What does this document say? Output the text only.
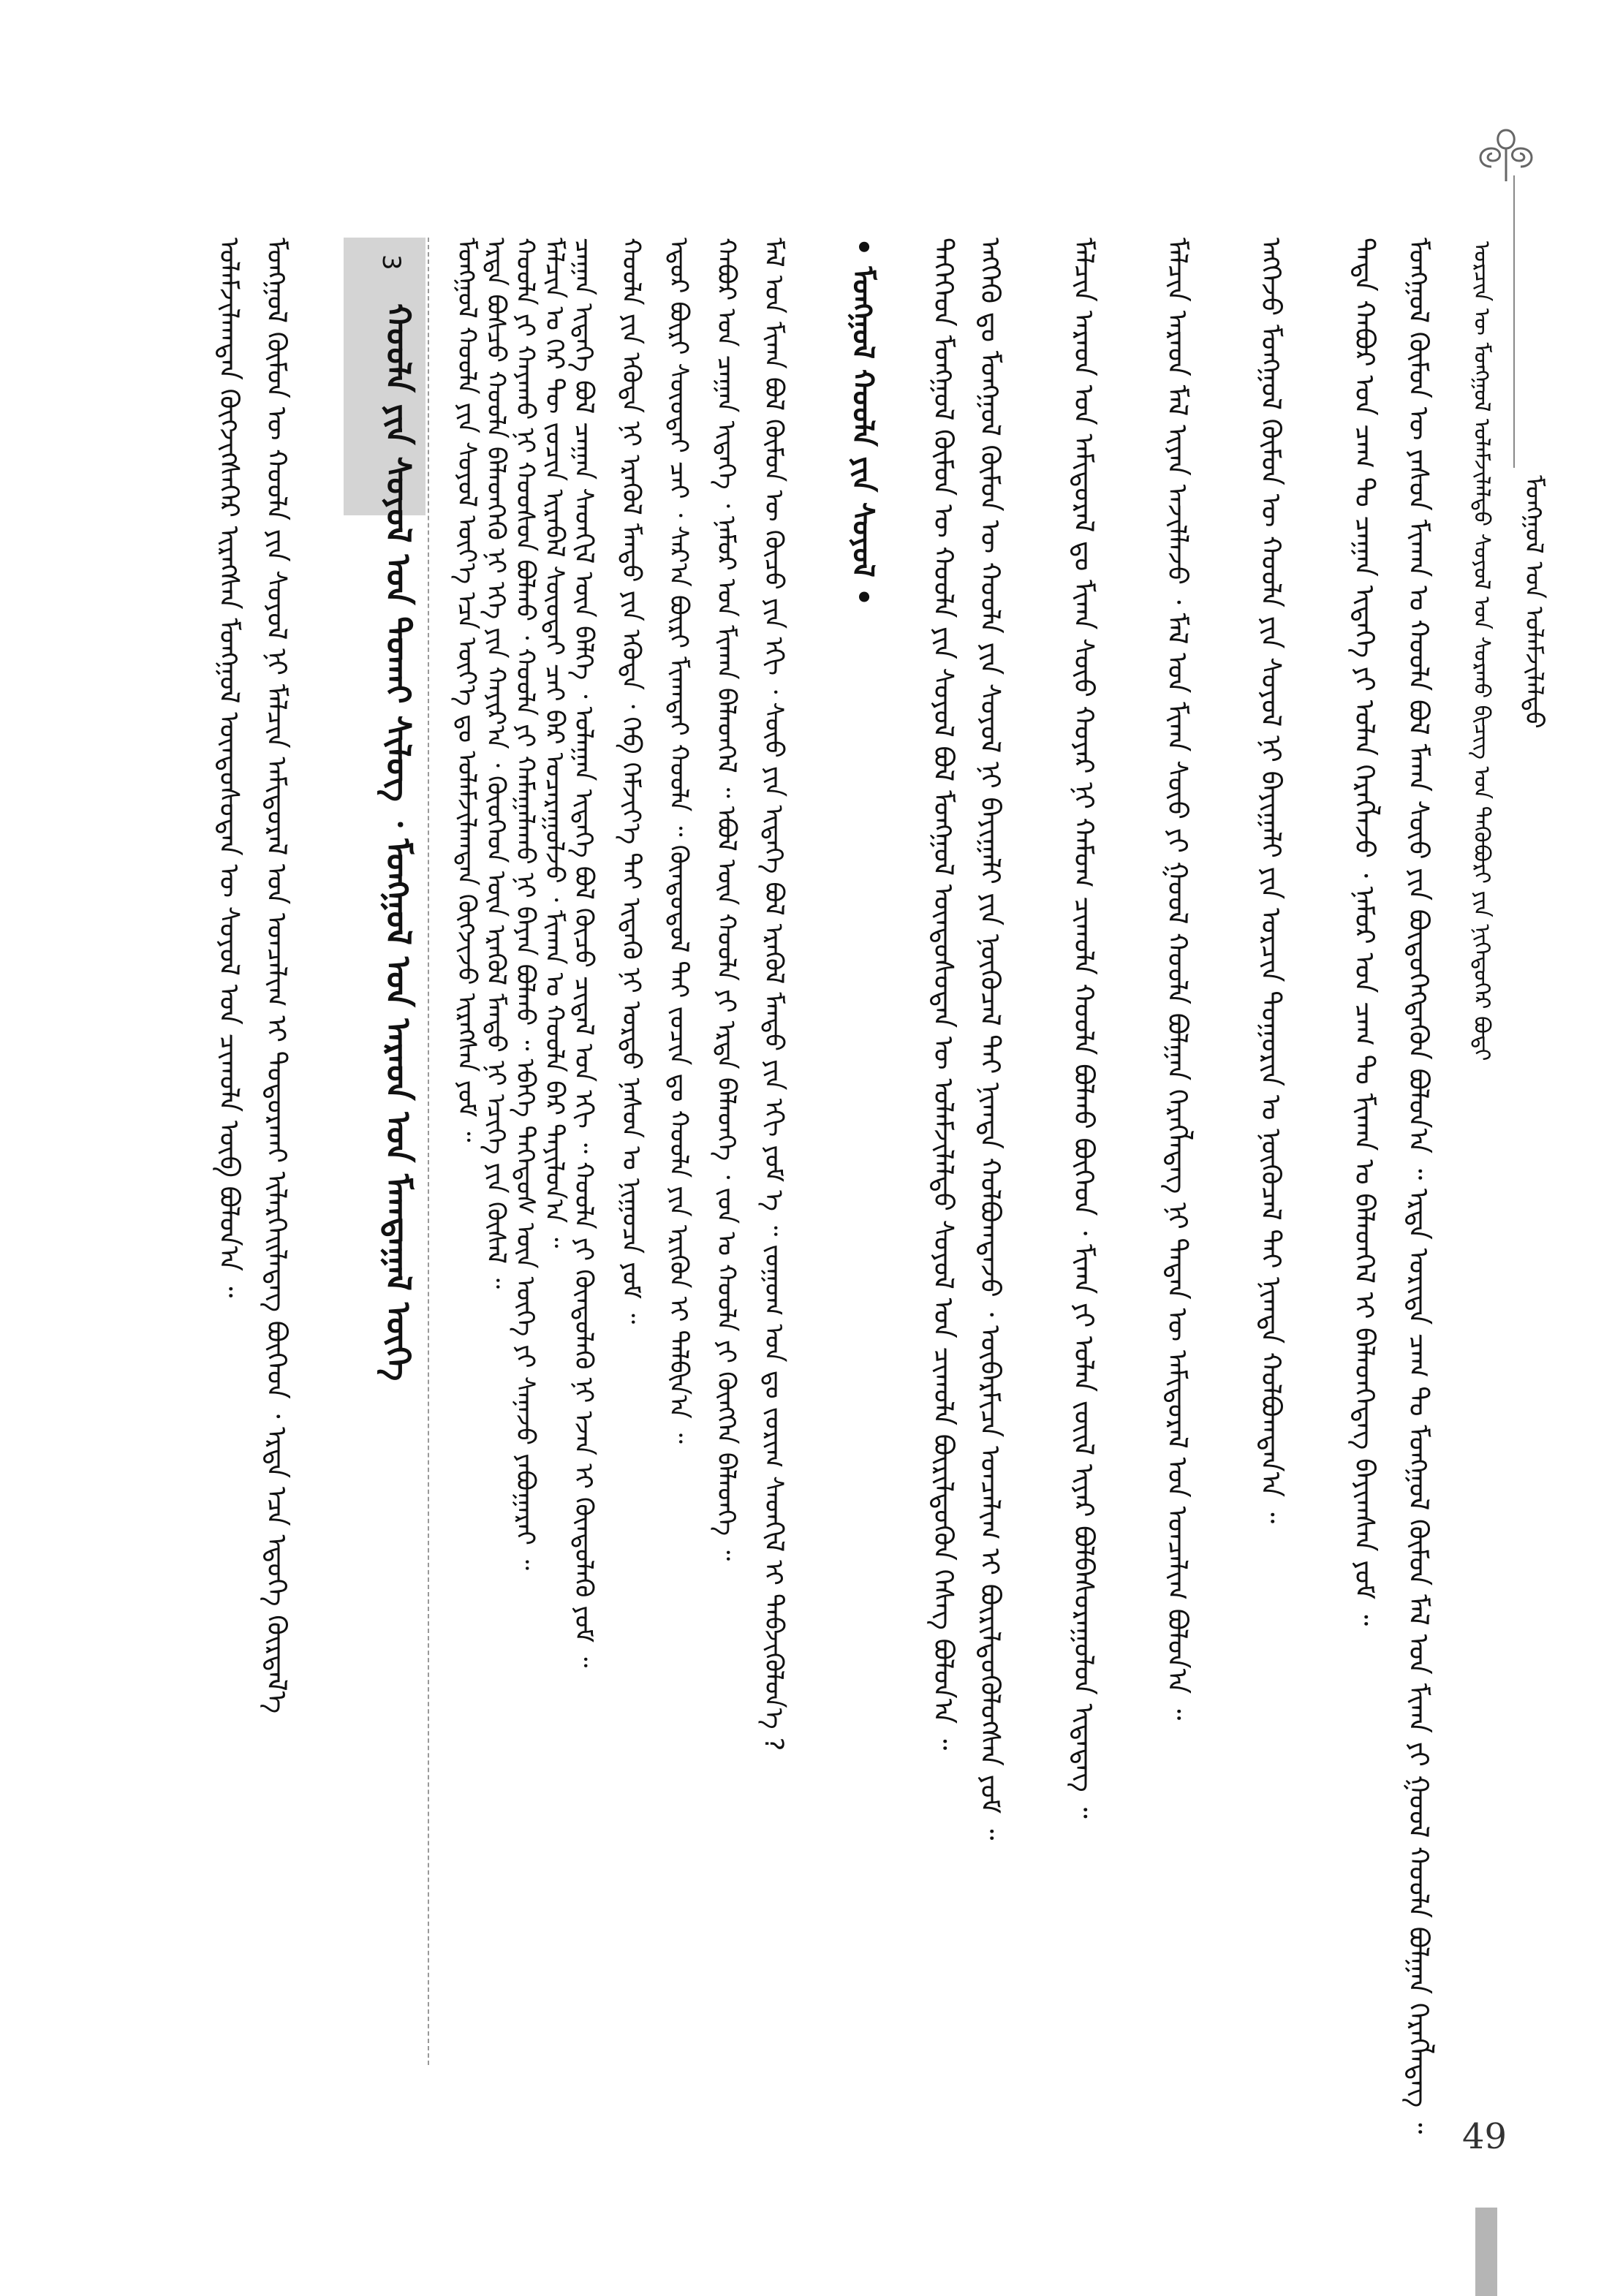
ᠮᠣᠩᠭᠣᠯ ᠤᠨ ᠤᠯᠠᠮᠵᠢᠯᠠᠯᠲᠤ
ᠣᠷᠴᠢᠨ ᠦ ᠮᠣᠩᠭᠣᠯ ᠤᠯᠠᠮᠵᠢᠯᠠᠯᠲᠤ ᠰᠣᠶᠣᠯ ᠤᠨ ᠰᠤᠷᠬᠤ ᠪᠢᠴᠢᠭ ᠤᠨ ᠲᠡᠭᠦᠪᠦᠷᠢ ᠶᠢᠨ ᠨᠢᠭᠡᠳᠦᠭᠡᠷ ᠪᠣᠲᠢ
ᠮᠣᠩᠭᠣᠯ ᠬᠦᠮᠦᠨ ᠦ ᠶᠠᠰᠤᠨ ᠮᠢᠬᠠᠨ ᠤ ᠬᠣᠣᠯᠠ ᠪᠣᠯ ᠮᠠᠬᠠ ᠰᠦᠦ ᠶᠢᠨ ᠪᠦᠲᠦᠭᠡᠭᠳᠡᠬᠦᠨ ᠪᠣᠯᠤᠨ᠎ᠠ ᠃ ᠡᠷᠲᠡ ᠤᠷᠢᠳᠠ ᠴᠠᠭ ᠲᠤ ᠮᠣᠩᠭᠣᠯ ᠬᠦᠮᠦᠨ ᠮᠠᠯ ᠤᠨ ᠮᠢᠬᠠ ᠶᠢ ᠭᠣᠣᠯ ᠬᠣᠣᠯᠠ ᠪᠣᠯᠭᠠᠨ ᠬᠡᠷᠡᠭᠯᠡᠳᠡᠭ ᠃
ᠲᠡᠳᠡ ᠬᠠᠪᠤᠷ ᠤᠨ ᠴᠠᠭ ᠲᠤ ᠴᠠᠭᠠᠨ ᠢᠳᠡᠭᠡ ᠶᠢ ᠣᠯᠠᠨ ᠬᠡᠷᠡᠭᠯᠡᠵᠦ ᠂ ᠨᠠᠮᠤᠷ ᠤᠨ ᠴᠠᠭ ᠲᠤ ᠮᠢᠬᠠᠨ ᠤ ᠪᠡᠯᠡᠳᠬᠡᠯ ᠢ ᠪᠡᠯᠡᠳᠬᠡᠳᠡᠭ ᠪᠠᠶᠢᠭᠰᠠᠨ ᠶᠤᠮ ᠃
ᠡᠩᠭᠡᠵᠦ ᠮᠣᠩᠭᠣᠯ ᠬᠦᠮᠦᠨ ᠦ ᠬᠣᠣᠯᠠ ᠶᠢᠨ ᠰᠣᠶᠣᠯ ᠨᠢ ᠪᠠᠶᠢᠭᠠᠯᠢ ᠶᠢᠨ ᠣᠷᠴᠢᠨ ᠲᠣᠭᠣᠷᠢᠨ ᠤ ᠨᠥᠬᠦᠴᠡᠯ ᠲᠡᠶ ᠨᠢᠭᠲᠠ ᠬᠣᠯᠪᠣᠭᠳᠠᠨ᠎ᠠ ᠃
ᠮᠠᠯᠴᠢᠨ ᠠᠷᠠᠳ ᠮᠠᠯ ᠢᠶᠠᠨ ᠠᠵᠢᠯᠯᠠᠵᠤ ᠂ ᠮᠠᠯ ᠤᠨ ᠮᠢᠬᠠ ᠰᠦᠦ ᠶᠢ ᠭᠣᠣᠯ ᠬᠣᠣᠯᠠ ᠪᠣᠯᠭᠠᠨ ᠬᠡᠷᠡᠭᠯᠡᠳᠡᠭ ᠨᠢ ᠲᠡᠳᠡᠨ ᠦ ᠠᠮᠢᠳᠤᠷᠠᠯ ᠤᠨ ᠣᠨᠴᠠᠯᠢᠭ ᠪᠣᠯᠤᠨ᠎ᠠ ᠃
ᠮᠠᠯᠴᠢᠨ ᠠᠷᠠᠳ ᠤᠨ ᠠᠮᠢᠳᠤᠷᠠᠯ ᠳᠤ ᠮᠢᠬᠠ ᠰᠦᠦ ᠬᠣᠶᠠᠷ ᠨᠢ ᠬᠠᠮᠤᠭ ᠴᠢᠬᠤᠯᠠ ᠬᠣᠣᠯᠠ ᠪᠣᠯᠬᠣ ᠪᠥᠭᠡᠳ ᠂ ᠮᠢᠬᠠ ᠶᠢ ᠣᠯᠠᠨ ᠵᠦᠢᠯ ᠢᠶᠡᠷ ᠪᠣᠯᠪᠠᠰᠤᠷᠠᠭᠤᠯᠤᠨ ᠢᠳᠡᠳᠡᠭ ᠃
ᠡᠩᠭᠡᠬᠦ ᠳᠤ ᠮᠣᠩᠭᠣᠯ ᠬᠦᠮᠦᠨ ᠦ ᠬᠣᠣᠯᠠ ᠶᠢᠨ ᠰᠣᠶᠣᠯ ᠨᠢ ᠪᠠᠶᠢᠭᠠᠯᠢ ᠶᠢᠨ ᠨᠥᠬᠦᠴᠡᠯ ᠲᠡᠶ ᠨᠢᠭᠲᠠ ᠬᠣᠯᠪᠣᠭᠳᠠᠵᠤ ᠂ ᠥᠪᠡᠷᠮᠢᠴᠡ ᠣᠨᠴᠠᠯᠢᠭ ᠢ ᠪᠦᠷᠢᠯᠳᠦᠭᠦᠯᠦᠭᠰᠡᠨ ᠶᠤᠮ ᠃
ᠲᠡᠭᠡᠭᠡᠳ ᠮᠣᠩᠭᠣᠯ ᠬᠦᠮᠦᠨ ᠦ ᠬᠣᠣᠯᠠ ᠶᠢᠨ ᠰᠣᠶᠣᠯ ᠪᠣᠯ ᠮᠣᠩᠭᠣᠯ ᠦᠨᠳᠦᠰᠦᠲᠡᠨ ᠦ ᠤᠯᠠᠮᠵᠢᠯᠠᠯᠲᠤ ᠰᠣᠶᠣᠯ ᠤᠨ ᠴᠢᠬᠤᠯᠠ ᠪᠦᠷᠢᠯᠳᠦᠬᠦᠨ ᠬᠡᠰᠡᠭ ᠪᠣᠯᠤᠨ᠎ᠠ ᠃
• ᠮᠣᠩᠭᠣᠯ ᠬᠣᠣᠯᠠ ᠶᠢᠨ ᠰᠣᠶᠣᠯ •
ᠮᠠᠯ ᠤᠨ ᠮᠢᠬᠠ ᠪᠣᠯ ᠬᠦᠮᠦᠨ ᠦ ᠬᠦᠴᠦ ᠶᠢᠨ ᠡᠬᠢ ᠂ ᠰᠦᠦ ᠶᠢᠨ ᠢᠳᠡᠭᠡ ᠪᠣᠯ ᠡᠷᠡᠭᠦᠯ ᠮᠡᠨᠳᠦ ᠶᠢᠨ ᠡᠬᠢ ᠶᠤᠮ ᠡ ᠃ ᠵᠣᠭᠣᠭ ᠣᠨ ᠳᠤ ᠵᠣᠷᠢᠭ ᠰᠡᠳᠬᠢᠯ ᠢ ᠳᠡᠪᠵᠢᠭᠦᠯᠦᠨ᠎ᠡ ?
ᠬᠠᠪᠤᠷ ᠤᠨ ᠴᠠᠭᠠᠨ ᠢᠳᠡᠭᠡ ᠂ ᠨᠠᠮᠤᠷ ᠤᠨ ᠮᠢᠬᠠᠨ ᠪᠡᠯᠡᠳᠬᠡᠯ ᠃ ᠡᠪᠦᠯ ᠦᠨ ᠬᠣᠣᠯᠠ ᠶᠢ ᠡᠷᠲᠡ ᠪᠡᠯᠡᠳᠬᠡ ᠂ ᠵᠤᠨ ᠤ ᠬᠣᠣᠯᠠ ᠶᠢ ᠬᠥᠩᠭᠡᠨ ᠪᠡᠯᠡᠳᠬᠡ ᠃
ᠡᠳᠦᠷ ᠪᠦᠷᠢ ᠰᠦᠦᠲᠡᠢ ᠴᠠᠢ ᠂ ᠰᠠᠷ᠎ᠠ ᠪᠦᠷᠢ ᠮᠢᠬᠠᠲᠠᠢ ᠬᠣᠣᠯᠠ ᠃ ᠬᠦᠨᠳᠦᠳᠦᠯ ᠲᠠᠢ ᠵᠣᠴᠢᠨ ᠳᠤ ᠬᠣᠣᠯᠠ ᠶᠢᠨ ᠡᠷᠢᠭᠦᠨ ᠢ ᠲᠠᠯᠪᠢᠨ᠎ᠠ ᠃
ᠬᠣᠣᠯᠠ ᠶᠢᠨ ᠡᠭᠦᠳᠡ ᠨᠢ ᠡᠷᠡᠭᠦᠯ ᠮᠡᠨᠳᠦ ᠶᠢᠨ ᠡᠭᠦᠳᠡ ᠂ ᠬᠡᠪ ᠬᠡᠮᠵᠢᠶ᠎ᠡ ᠲᠡᠶ ᠢᠳᠡᠬᠦ ᠨᠢ ᠤᠷᠲᠤ ᠨᠠᠰᠤᠨ ᠤ ᠨᠢᠭᠤᠴᠠ ᠶᠤᠮ ᠃
ᠴᠠᠭᠠᠨ ᠢᠳᠡᠭᠡ ᠪᠣᠯ ᠴᠠᠭᠠᠨ ᠰᠡᠳᠬᠢᠯ ᠦᠨ ᠪᠡᠯᠭᠡ ᠂ ᠤᠯᠠᠭᠠᠨ ᠢᠳᠡᠭᠡ ᠪᠣᠯ ᠬᠦᠴᠦ ᠴᠢᠳᠠᠯ ᠤᠨ ᠡᠬᠢ ᠃ ᠬᠣᠣᠯᠠ ᠶᠢ ᠬᠦᠨᠳᠦᠯᠡᠬᠦ ᠨᠢ ᠡᠵᠡᠨ ᠢ ᠬᠦᠨᠳᠦᠯᠡᠬᠦ ᠶᠤᠮ ᠃
ᠮᠠᠯᠴᠢᠨ ᠤ ᠭᠡᠷ ᠲᠦ ᠵᠣᠴᠢᠨ ᠢᠷᠡᠪᠡᠯ ᠰᠦᠦᠲᠡᠢ ᠴᠠᠢ ᠪᠠᠷ ᠤᠴᠠᠷᠠᠭᠤᠯᠵᠤ ᠂ ᠮᠢᠬᠠᠨ ᠤ ᠬᠣᠣᠯᠠ ᠪᠠᠷ ᠳᠠᠶᠢᠯᠤᠨ᠎ᠠ ᠃
ᠬᠣᠣᠯᠠ ᠶᠢ ᠬᠠᠶᠠᠬᠤ ᠨᠢ ᠬᠣᠣᠰᠣᠨ ᠪᠣᠯᠬᠤ ᠂ ᠬᠣᠣᠯᠠ ᠶᠢ ᠬᠠᠮᠠᠭᠠᠯᠠᠬᠤ ᠨᠢ ᠪᠠᠶᠠᠨ ᠪᠣᠯᠬᠤ ᠃ ᠡᠪᠡᠭᠡ ᠳᠡᠭᠡᠳᠦᠰ ᠦᠨ ᠦᠭᠡ ᠶᠢ ᠰᠠᠨᠠᠵᠤ ᠶᠠᠪᠤᠭᠠᠷᠠᠢ ᠃
ᠡᠷᠲᠡ ᠪᠣᠰᠴᠤ ᠬᠣᠣᠯᠠ ᠪᠡᠯᠡᠳᠬᠡᠬᠦ ᠨᠢ ᠡᠬᠡ ᠶᠢᠨ ᠬᠠᠶᠢᠷ᠎ᠠ ᠂ ᠬᠦᠦᠬᠡᠳ ᠦᠨ ᠡᠷᠡᠭᠦᠯ ᠮᠡᠨᠳᠦ ᠨᠢ ᠡᠴᠢᠭᠡ ᠶᠢᠨ ᠬᠦᠰᠡᠯ ᠃
ᠮᠣᠩᠭᠣᠯ ᠬᠣᠣᠯᠠ ᠶᠢᠨ ᠰᠣᠶᠣᠯ ᠦᠶ᠎ᠡ ᠡᠴᠡ ᠦᠶ᠎ᠡ ᠳᠤ ᠤᠯᠠᠮᠵᠢᠯᠠᠭᠳᠠᠨ ᠬᠥᠭᠵᠢᠵᠦ ᠢᠷᠡᠭᠰᠡᠨ ᠶᠤᠮ ᠃
3
ᠬᠣᠣᠯᠠ ᠶᠢᠨ ᠰᠣᠶᠣᠯ ᠤᠨ ᠲᠣᠬᠠᠢ ᠰᠢᠯᠦᠭ ᠂ ᠮᠣᠩᠭᠣᠯ ᠤᠨ ᠠᠷᠠᠳ ᠤᠨ ᠮᠠᠭᠲᠠᠭᠠᠯ ᠦᠭᠡ
ᠮᠣᠩᠭᠣᠯ ᠬᠦᠮᠦᠨ ᠦ ᠬᠣᠣᠯᠠ ᠶᠢᠨ ᠰᠣᠶᠣᠯ ᠨᠢ ᠮᠠᠯᠴᠢᠨ ᠠᠮᠢᠳᠤᠷᠠᠯ ᠤᠨ ᠣᠨᠴᠠᠯᠢᠭ ᠢ ᠲᠣᠳᠣᠷᠬᠠᠶ ᠢᠯᠡᠷᠬᠡᠢᠯᠡᠳᠡᠭ ᠪᠥᠭᠡᠳ ᠂ ᠡᠷᠲᠡ ᠡᠴᠡ ᠡᠳᠦᠭᠡ ᠬᠦᠷᠲᠡᠯ᠎ᠡ
ᠤᠯᠠᠮᠵᠢᠯᠠᠭᠳᠠᠨ ᠬᠥᠭᠵᠢᠭᠰᠡᠭᠡᠷ ᠢᠷᠡᠭᠰᠡᠨ ᠮᠣᠩᠭᠣᠯ ᠦᠨᠳᠦᠰᠦᠲᠡᠨ ᠦ ᠰᠣᠶᠣᠯ ᠤᠨ ᠴᠢᠬᠤᠯᠠ ᠥᠪ ᠪᠣᠯᠤᠨ᠎ᠠ ᠃
49
